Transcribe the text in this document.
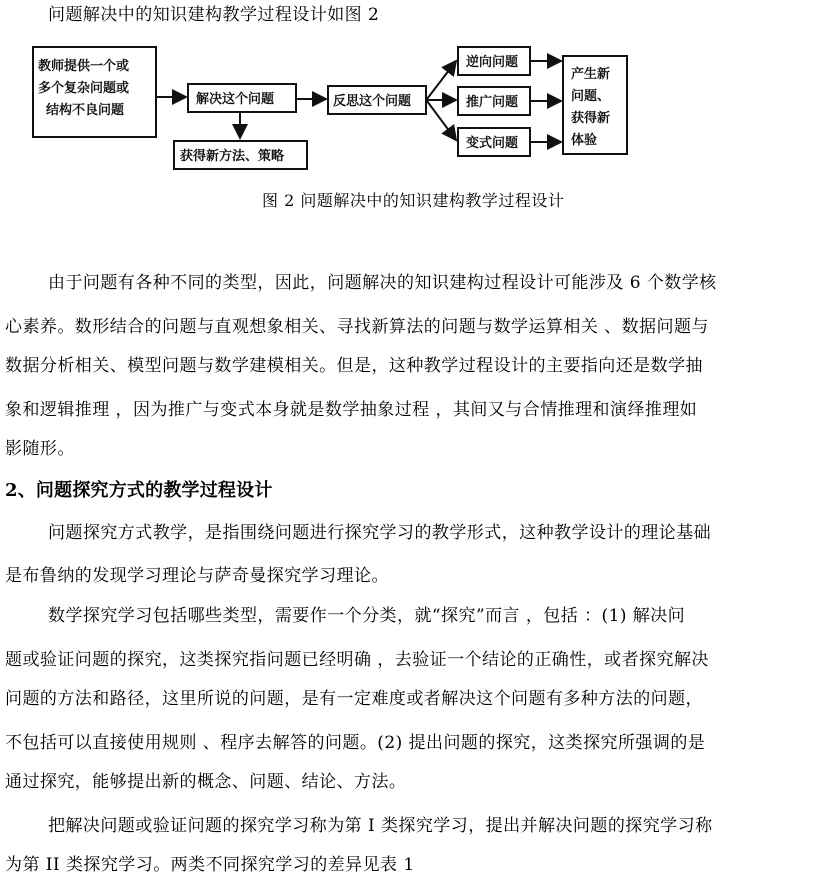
问题解决中的知识建构教学过程设计如图 2
教师提供一个或
多个复杂问题或
结构不良问题
解决这个问题
获得新方法、策略
反思这个问题
逆向问题
推广问题
变式问题
产生新
问题、
获得新
体验
图 2 问题解决中的知识建构教学过程设计
由于问题有各种不同的类型，因此，问题解决的知识建构过程设计可能涉及 6 个数学核
心素养。数形结合的问题与直观想象相关、寻找新算法的问题与数学运算相关 、数据问题与
数据分析相关、模型问题与数学建模相关。但是，这种教学过程设计的主要指向还是数学抽
象和逻辑推理 ，因为推广与变式本身就是数学抽象过程 ，其间又与合情推理和演绎推理如
影随形。
2、问题探究方式的教学过程设计
问题探究方式教学，是指围绕问题进行探究学习的教学形式，这种教学设计的理论基础
是布鲁纳的发现学习理论与萨奇曼探究学习理论。
数学探究学习包括哪些类型，需要作一个分类，就“探究”而言 ，包括 ：(1) 解决问
题或验证问题的探究，这类探究指问题已经明确 ，去验证一个结论的正确性，或者探究解决
问题的方法和路径，这里所说的问题，是有一定难度或者解决这个问题有多种方法的问题，
不包括可以直接使用规则 、程序去解答的问题。(2) 提出问题的探究，这类探究所强调的是
通过探究，能够提出新的概念、问题、结论、方法。
把解决问题或验证问题的探究学习称为第 I 类探究学习，提出并解决问题的探究学习称
为第 II 类探究学习。两类不同探究学习的差异见表 1
